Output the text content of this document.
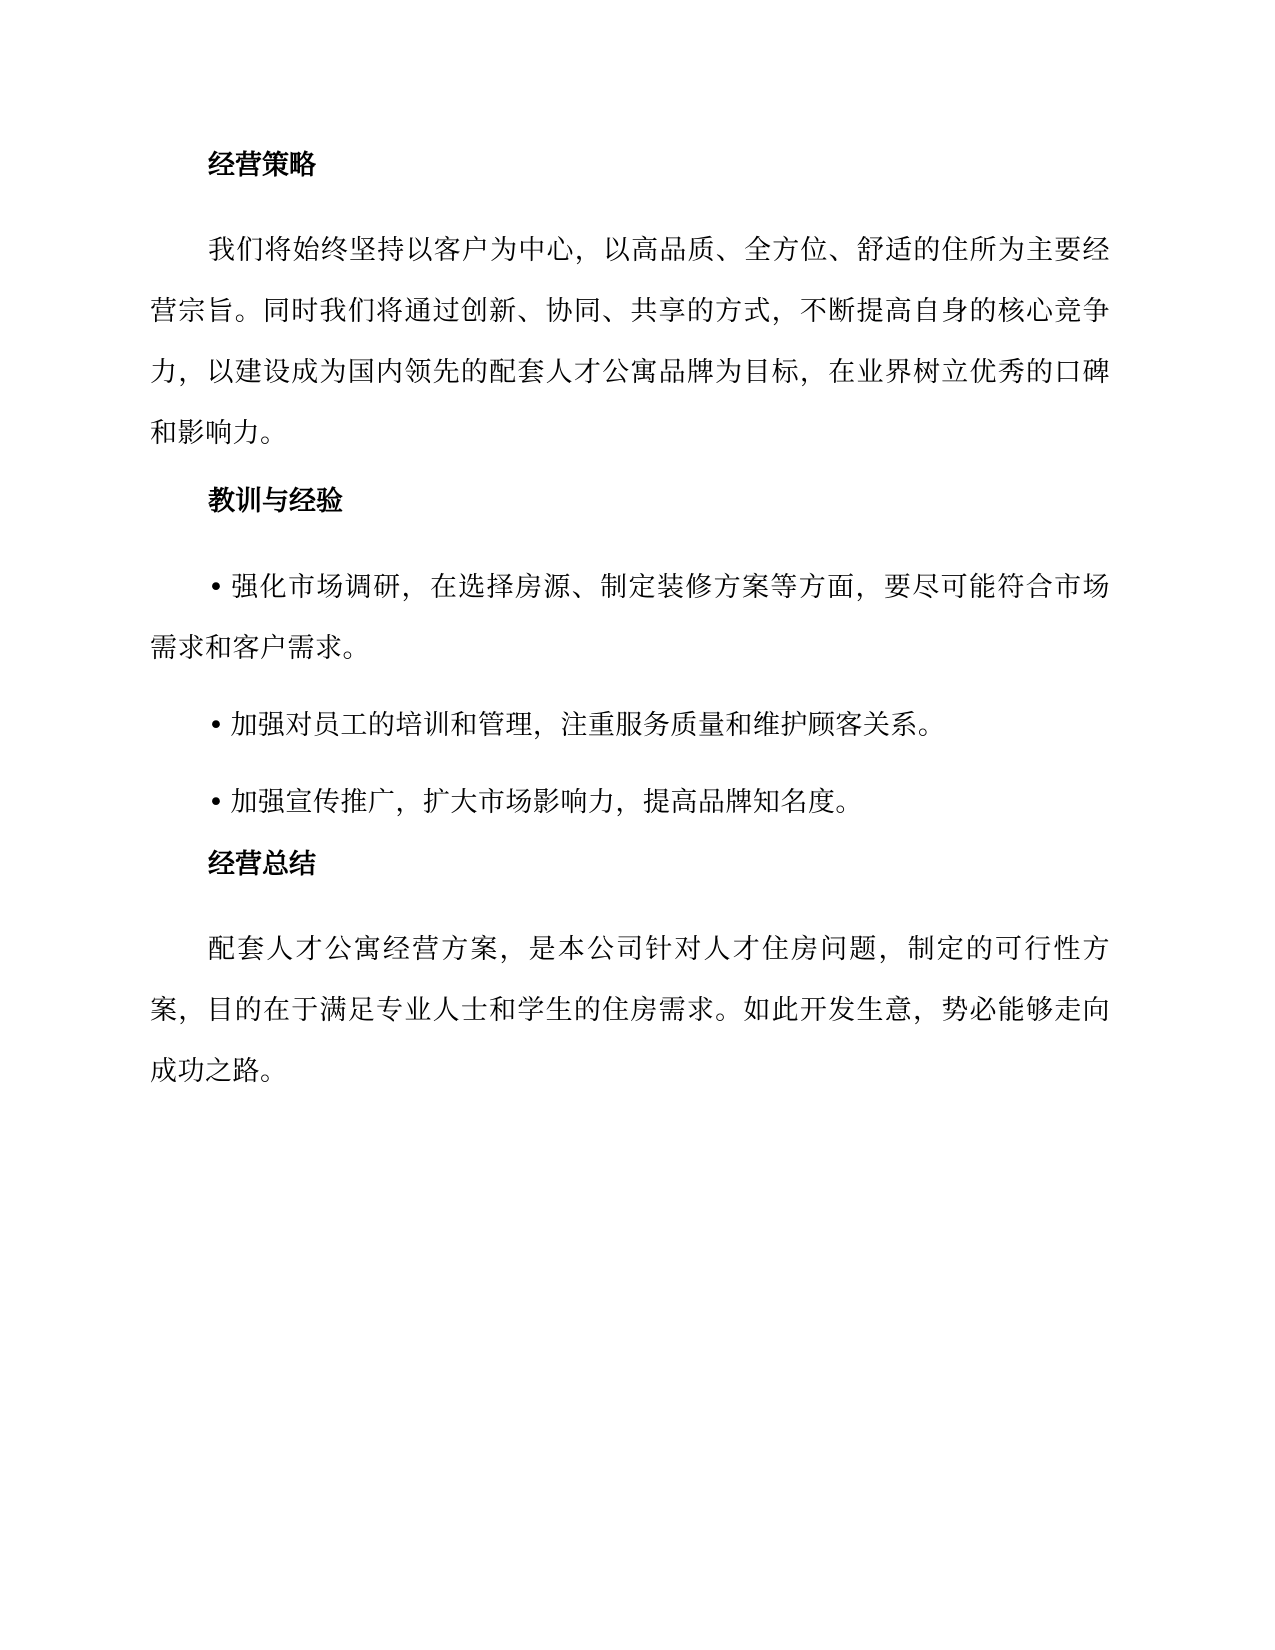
经营策略

我们将始终坚持以客户为中心，以高品质、全方位、舒适的住所为主要经营宗旨。同时我们将通过创新、协同、共享的方式，不断提高自身的核心竞争力，以建设成为国内领先的配套人才公寓品牌为目标，在业界树立优秀的口碑和影响力。

教训与经验

• 强化市场调研，在选择房源、制定装修方案等方面，要尽可能符合市场需求和客户需求。

• 加强对员工的培训和管理，注重服务质量和维护顾客关系。

• 加强宣传推广，扩大市场影响力，提高品牌知名度。

经营总结

配套人才公寓经营方案，是本公司针对人才住房问题，制定的可行性方案，目的在于满足专业人士和学生的住房需求。如此开发生意，势必能够走向成功之路。
